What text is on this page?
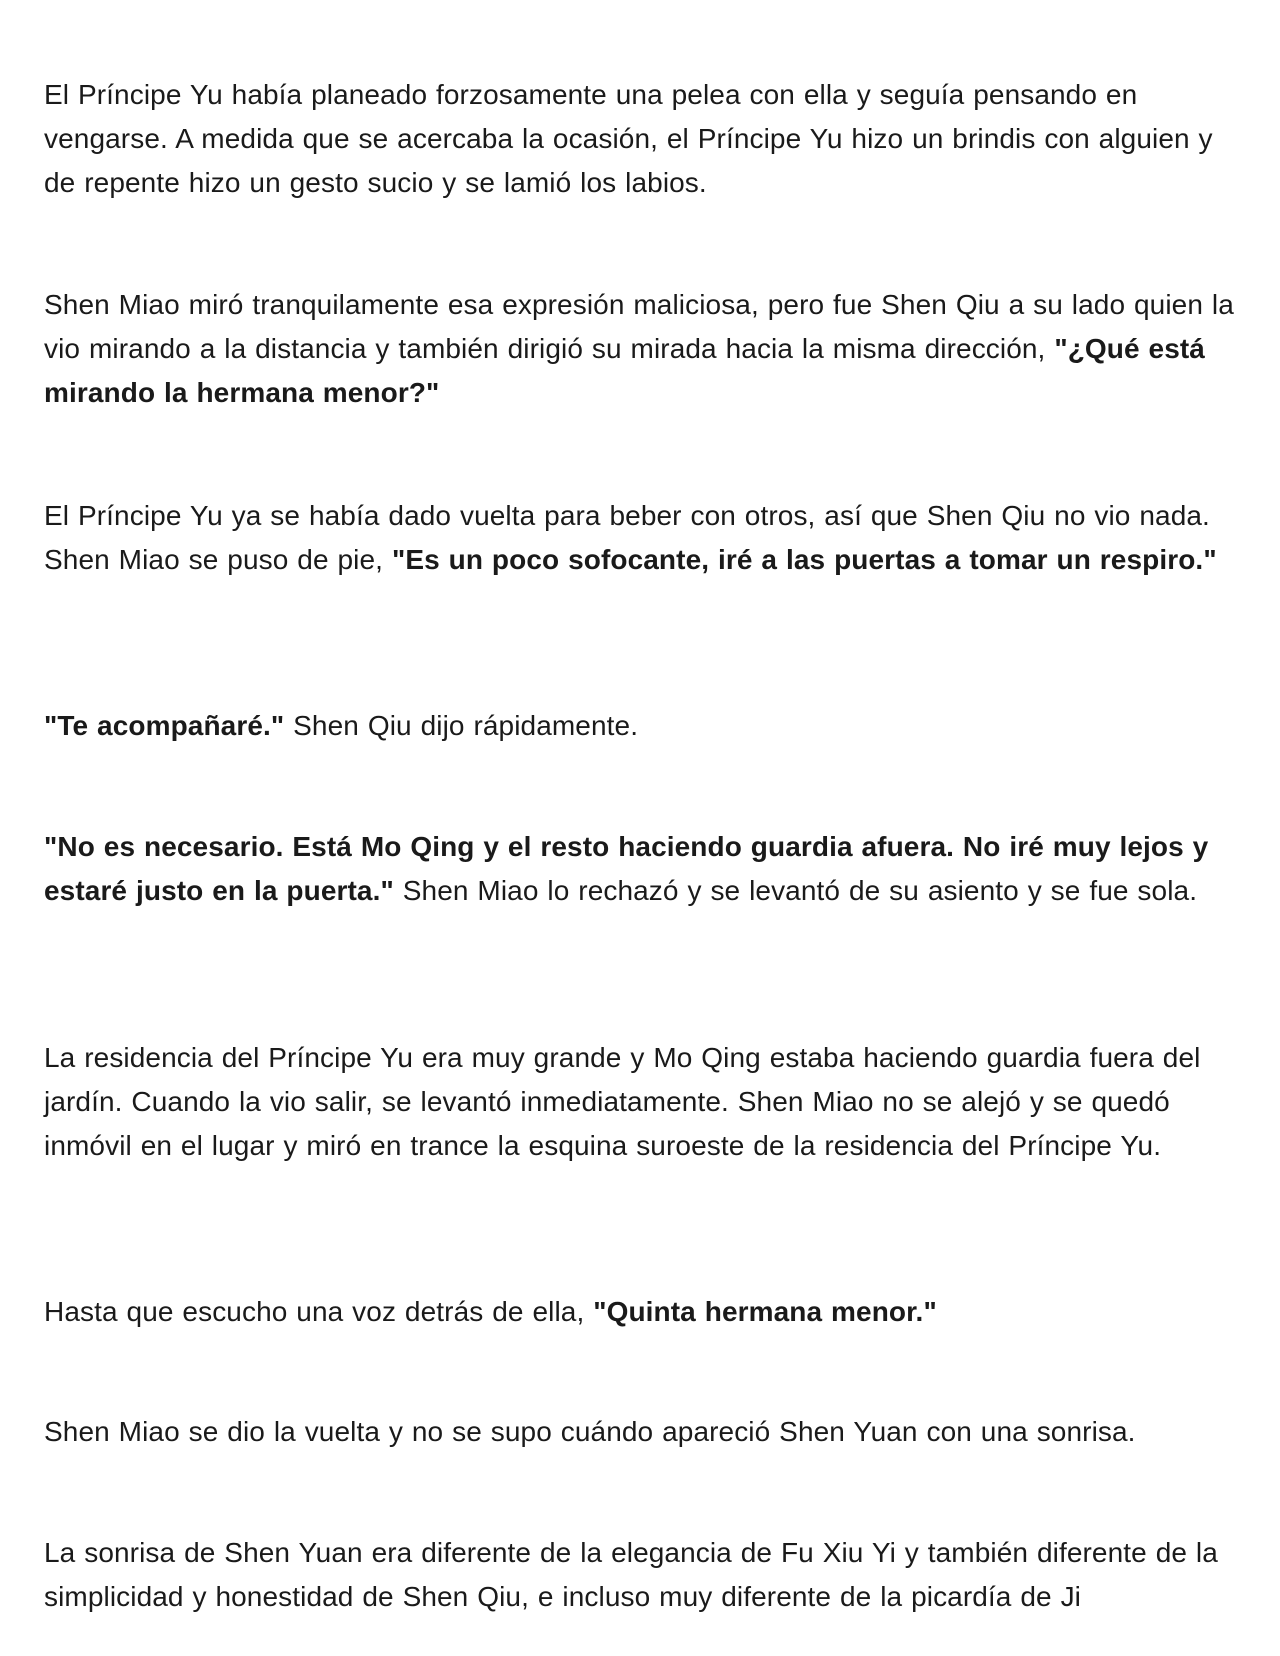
El Príncipe Yu había planeado forzosamente una pelea con ella y seguía pensando en vengarse. A medida que se acercaba la ocasión, el Príncipe Yu hizo un brindis con alguien y de repente hizo un gesto sucio y se lamió los labios.

Shen Miao miró tranquilamente esa expresión maliciosa, pero fue Shen Qiu a su lado quien la vio mirando a la distancia y también dirigió su mirada hacia la misma dirección, "¿Qué está mirando la hermana menor?"

El Príncipe Yu ya se había dado vuelta para beber con otros, así que Shen Qiu no vio nada. Shen Miao se puso de pie, "Es un poco sofocante, iré a las puertas a tomar un respiro."

"Te acompañaré." Shen Qiu dijo rápidamente.

"No es necesario. Está Mo Qing y el resto haciendo guardia afuera. No iré muy lejos y estaré justo en la puerta." Shen Miao lo rechazó y se levantó de su asiento y se fue sola.

La residencia del Príncipe Yu era muy grande y Mo Qing estaba haciendo guardia fuera del jardín. Cuando la vio salir, se levantó inmediatamente. Shen Miao no se alejó y se quedó inmóvil en el lugar y miró en trance la esquina suroeste de la residencia del Príncipe Yu.

Hasta que escucho una voz detrás de ella, "Quinta hermana menor."

Shen Miao se dio la vuelta y no se supo cuándo apareció Shen Yuan con una sonrisa.

La sonrisa de Shen Yuan era diferente de la elegancia de Fu Xiu Yi y también diferente de la simplicidad y honestidad de Shen Qiu, e incluso muy diferente de la picardía de Ji
